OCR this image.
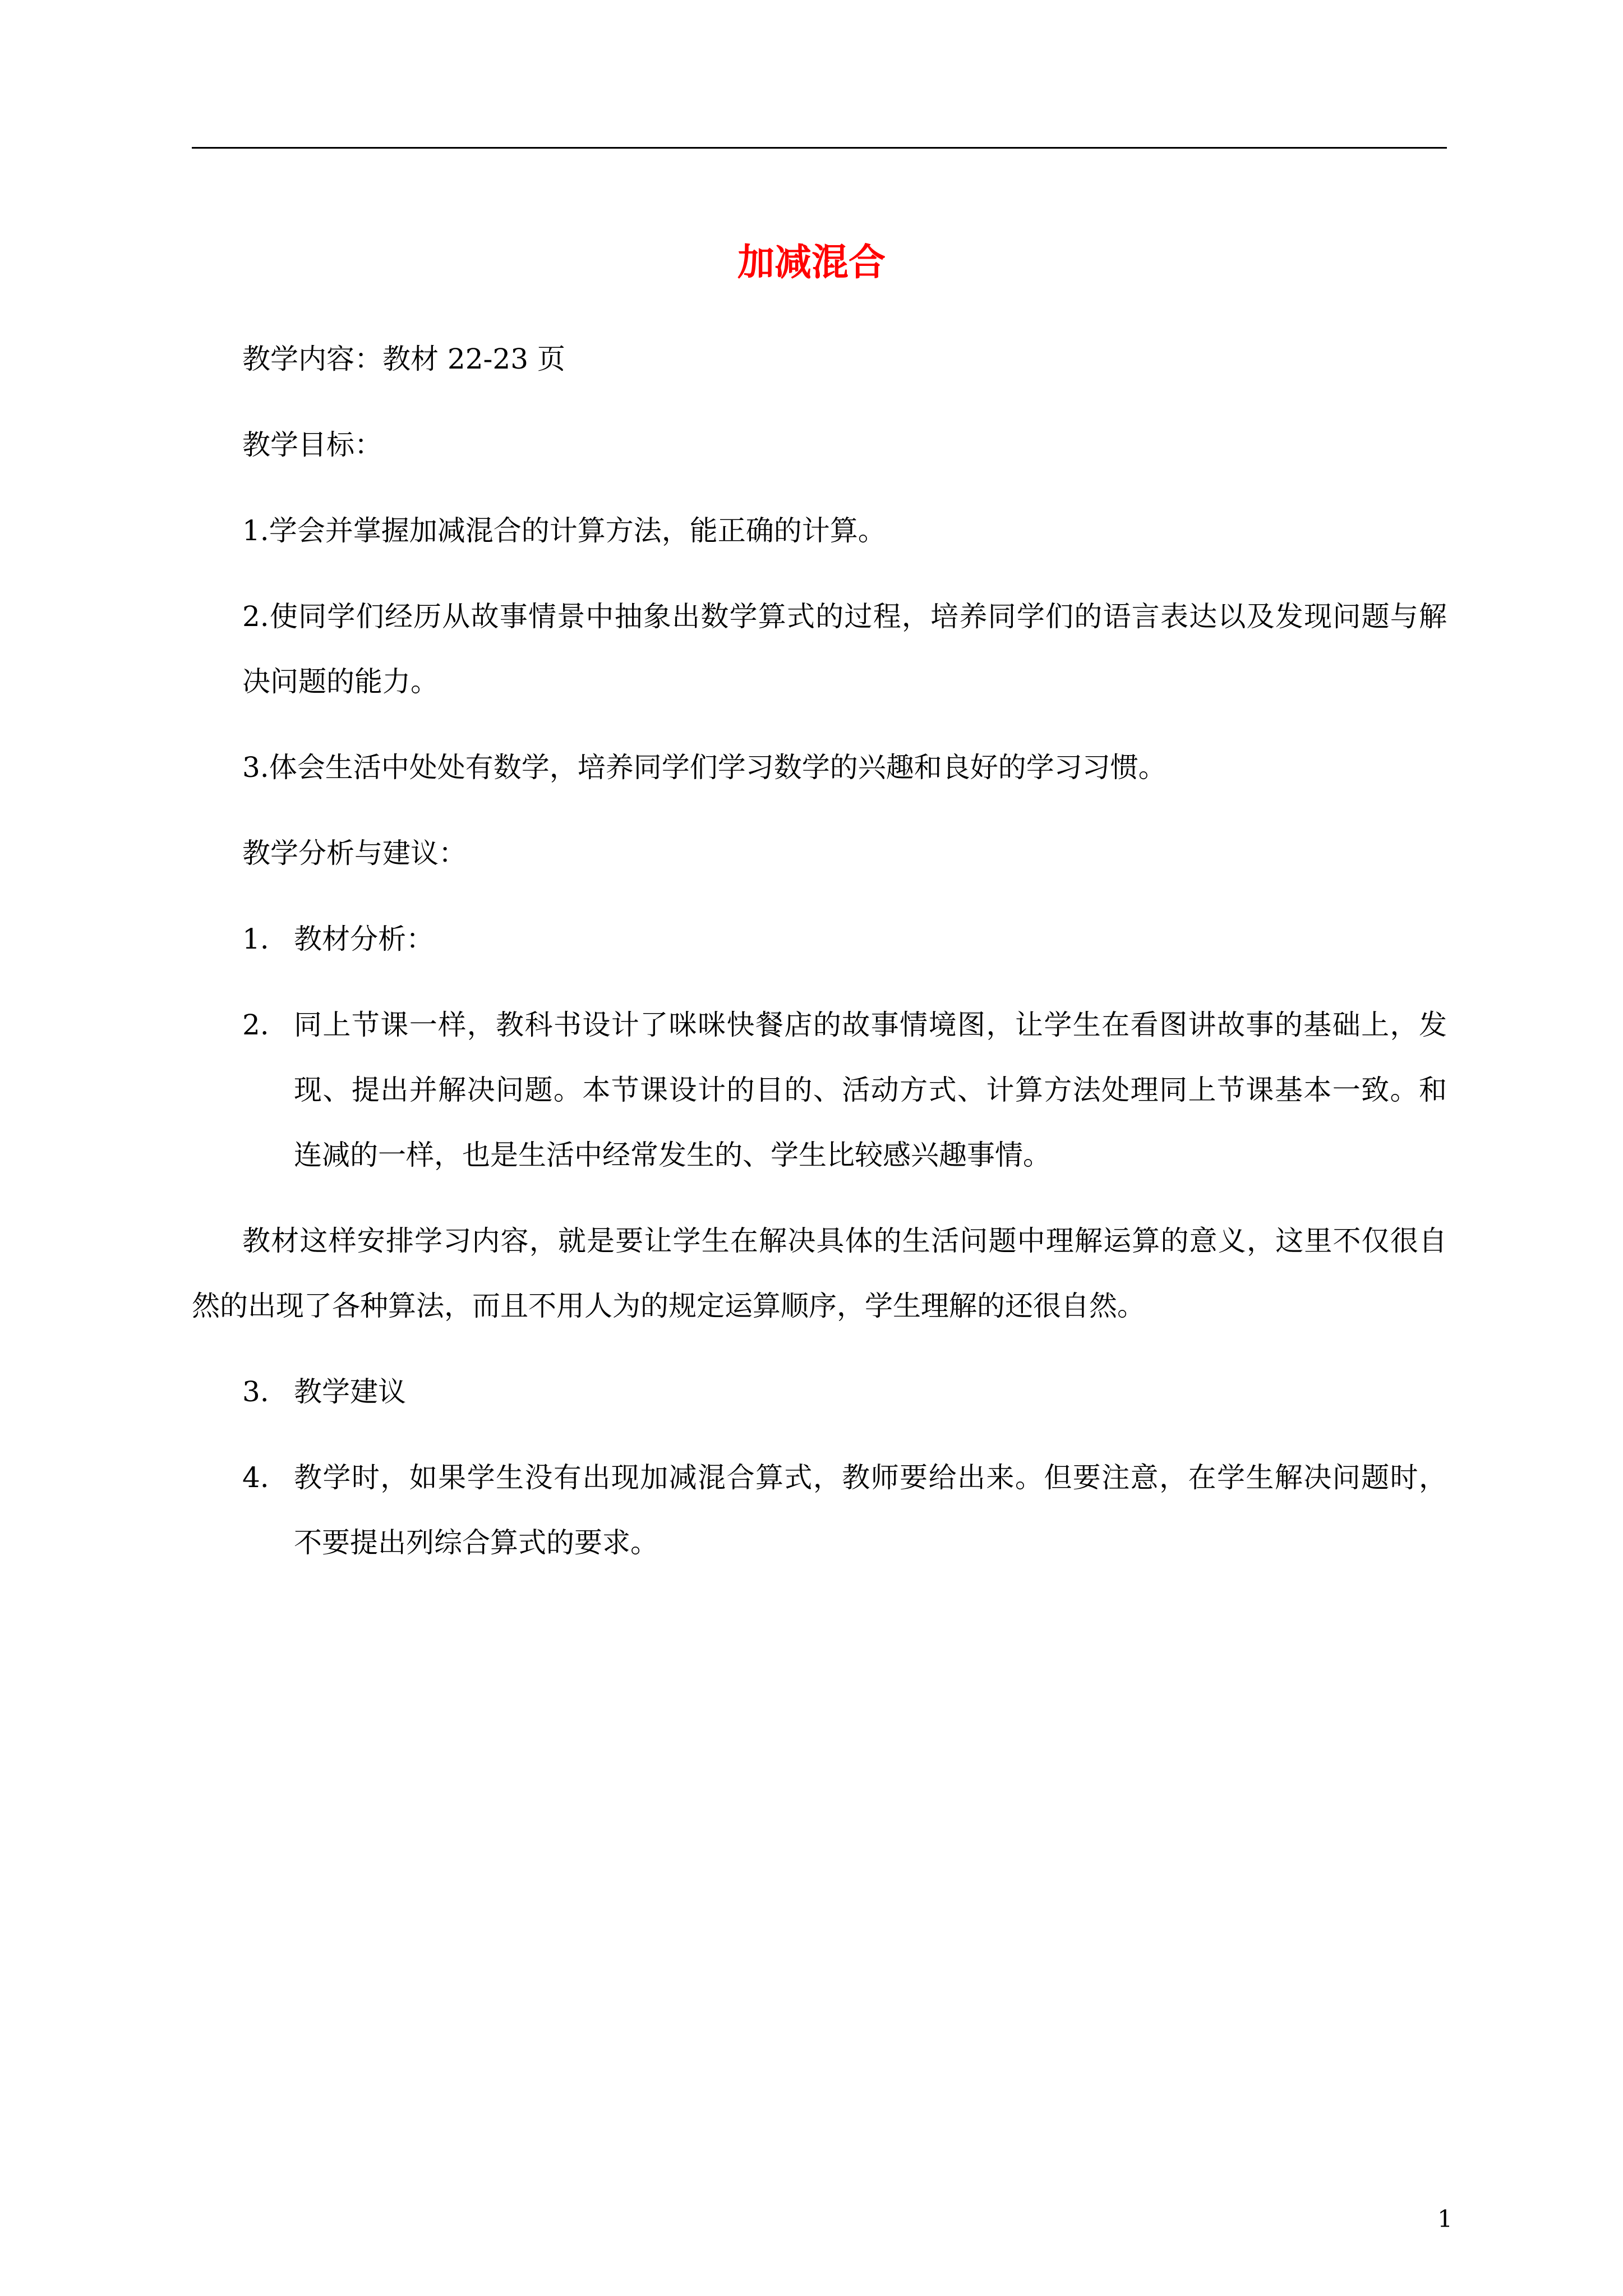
加减混合
教学内容：教材 22-23 页
教学目标：
1.学会并掌握加减混合的计算方法，能正确的计算。
2.使同学们经历从故事情景中抽象出数学算式的过程，培养同学们的语言表达以及发现问题与解
决问题的能力。
3.体会生活中处处有数学，培养同学们学习数学的兴趣和良好的学习习惯。
教学分析与建议：
1. 教材分析：
2. 同上节课一样，教科书设计了咪咪快餐店的故事情境图，让学生在看图讲故事的基础上，发
现、提出并解决问题。本节课设计的目的、活动方式、计算方法处理同上节课基本一致。和
连减的一样，也是生活中经常发生的、学生比较感兴趣事情。
教材这样安排学习内容，就是要让学生在解决具体的生活问题中理解运算的意义，这里不仅很自
然的出现了各种算法，而且不用人为的规定运算顺序，学生理解的还很自然。
3. 教学建议
4. 教学时，如果学生没有出现加减混合算式，教师要给出来。但要注意，在学生解决问题时，
不要提出列综合算式的要求。
1
